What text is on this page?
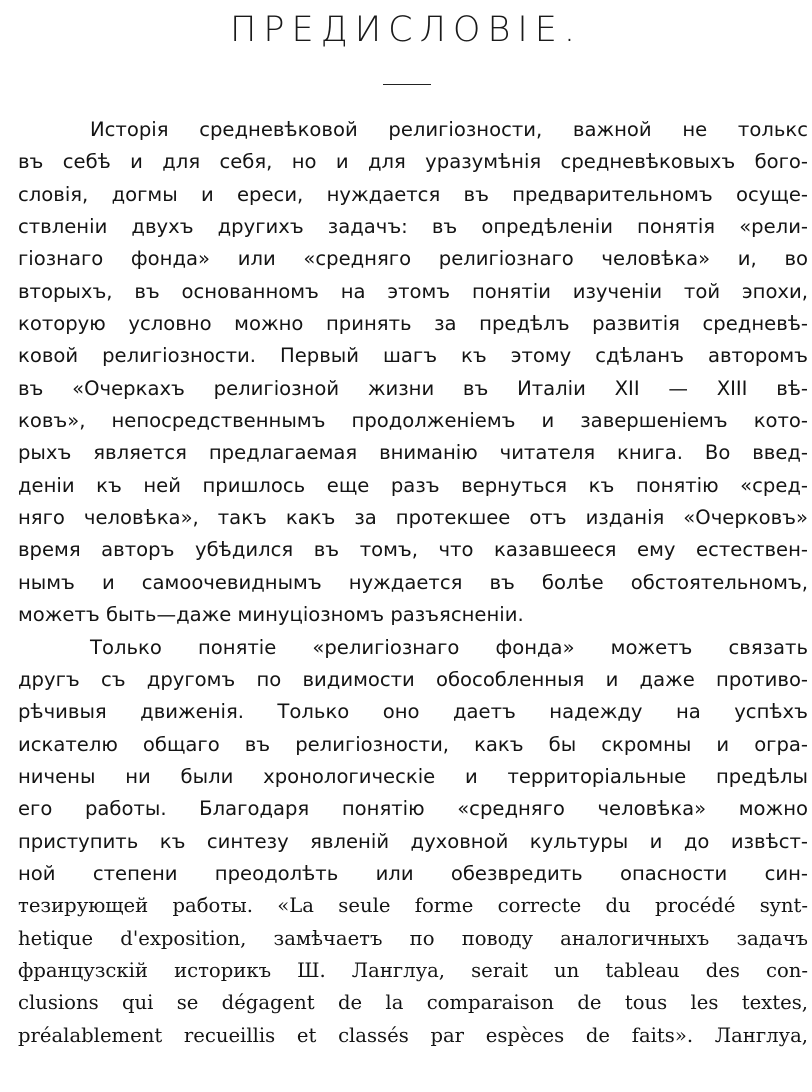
ПРЕДИСЛОВІЕ.
Исторія средневѣковой религіозности, важной не толькс
въ себѣ и для себя, но и для уразумѣнія средневѣковыхъ бого-
словія, догмы и ереси, нуждается въ предварительномъ осуще-
ствленіи двухъ другихъ задачъ: въ опредѣленіи понятія «рели-
гіознаго фонда» или «средняго религіознаго человѣка» и, во
вторыхъ, въ основанномъ на этомъ понятіи изученіи той эпохи,
которую условно можно принять за предѣлъ развитія средневѣ-
ковой религіозности. Первый шагъ къ этому сдѣланъ авторомъ
въ «Очеркахъ религіозной жизни въ Италіи XII — XIII вѣ-
ковъ», непосредственнымъ продолженіемъ и завершеніемъ кото-
рыхъ является предлагаемая вниманію читателя книга. Во введ-
деніи къ ней пришлось еще разъ вернуться къ понятію «сред-
няго человѣка», такъ какъ за протекшее отъ изданія «Очерковъ»
время авторъ убѣдился въ томъ, что казавшееся ему естествен-
нымъ и самоочевиднымъ нуждается въ болѣе обстоятельномъ,
можетъ быть—даже минуціозномъ разъясненіи.
Только понятіе «религіознаго фонда» можетъ связать
другъ съ другомъ по видимости обособленныя и даже противо-
рѣчивыя движенія. Только оно даетъ надежду на успѣхъ
искателю общаго въ религіозности, какъ бы скромны и огра-
ничены ни были хронологическіе и территоріальные предѣлы
его работы. Благодаря понятію «средняго человѣка» можно
приступить къ синтезу явленій духовной культуры и до извѣст-
ной степени преодолѣть или обезвредить опасности син-
тезирующей работы. «La seule forme correcte du procédé synt-
hetique d'exposition, замѣчаетъ по поводу аналогичныхъ задачъ
французскій историкъ Ш. Ланглуа, serait un tableau des con-
clusions qui se dégagent de la comparaison de tous les textes,
préalablement recueillis et classés par espèces de faits». Ланглуа,
